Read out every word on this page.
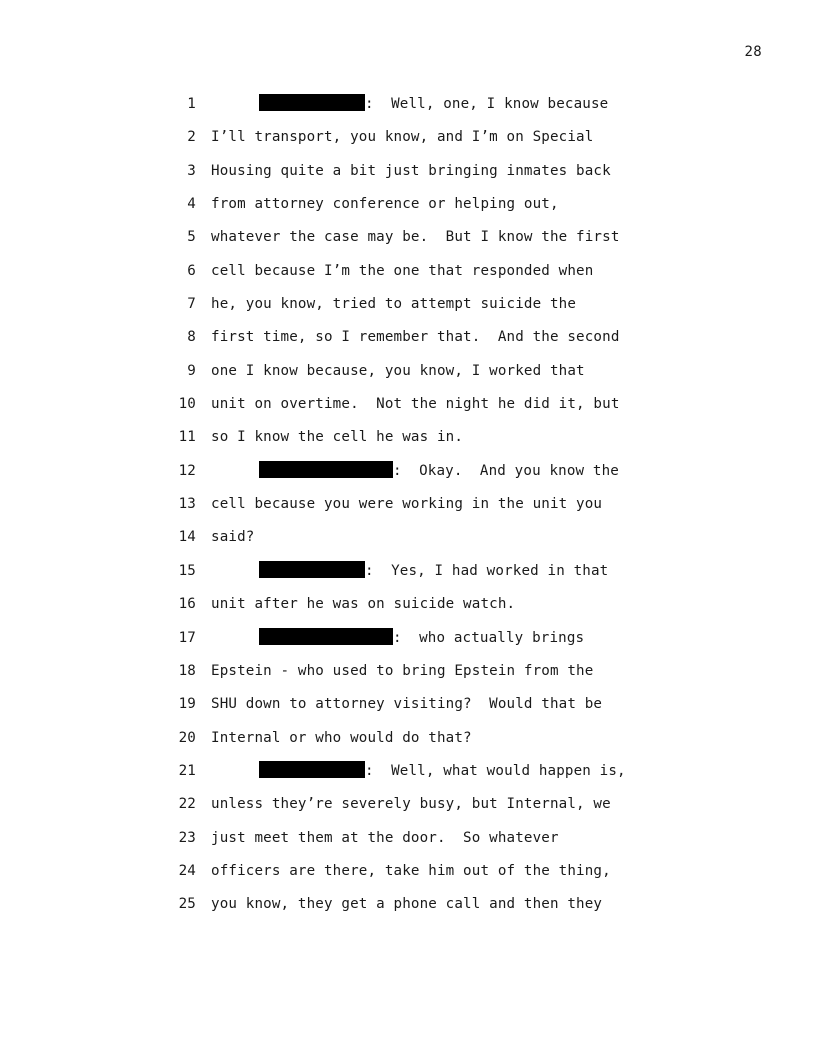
28
1	:  Well, one, I know because
2 I’ll transport, you know, and I’m on Special
3 Housing quite a bit just bringing inmates back
4 from attorney conference or helping out,
5 whatever the case may be.  But I know the first
6 cell because I’m the one that responded when
7 he, you know, tried to attempt suicide the
8 first time, so I remember that.  And the second
9 one I know because, you know, I worked that
10 unit on overtime.  Not the night he did it, but
11 so I know the cell he was in.
12	:  Okay.  And you know the
13 cell because you were working in the unit you
14 said?
15	:  Yes, I had worked in that
16 unit after he was on suicide watch.
17	:  who actually brings
18 Epstein - who used to bring Epstein from the
19 SHU down to attorney visiting?  Would that be
20 Internal or who would do that?
21	:  Well, what would happen is,
22 unless they’re severely busy, but Internal, we
23 just meet them at the door.  So whatever
24 officers are there, take him out of the thing,
25 you know, they get a phone call and then they
